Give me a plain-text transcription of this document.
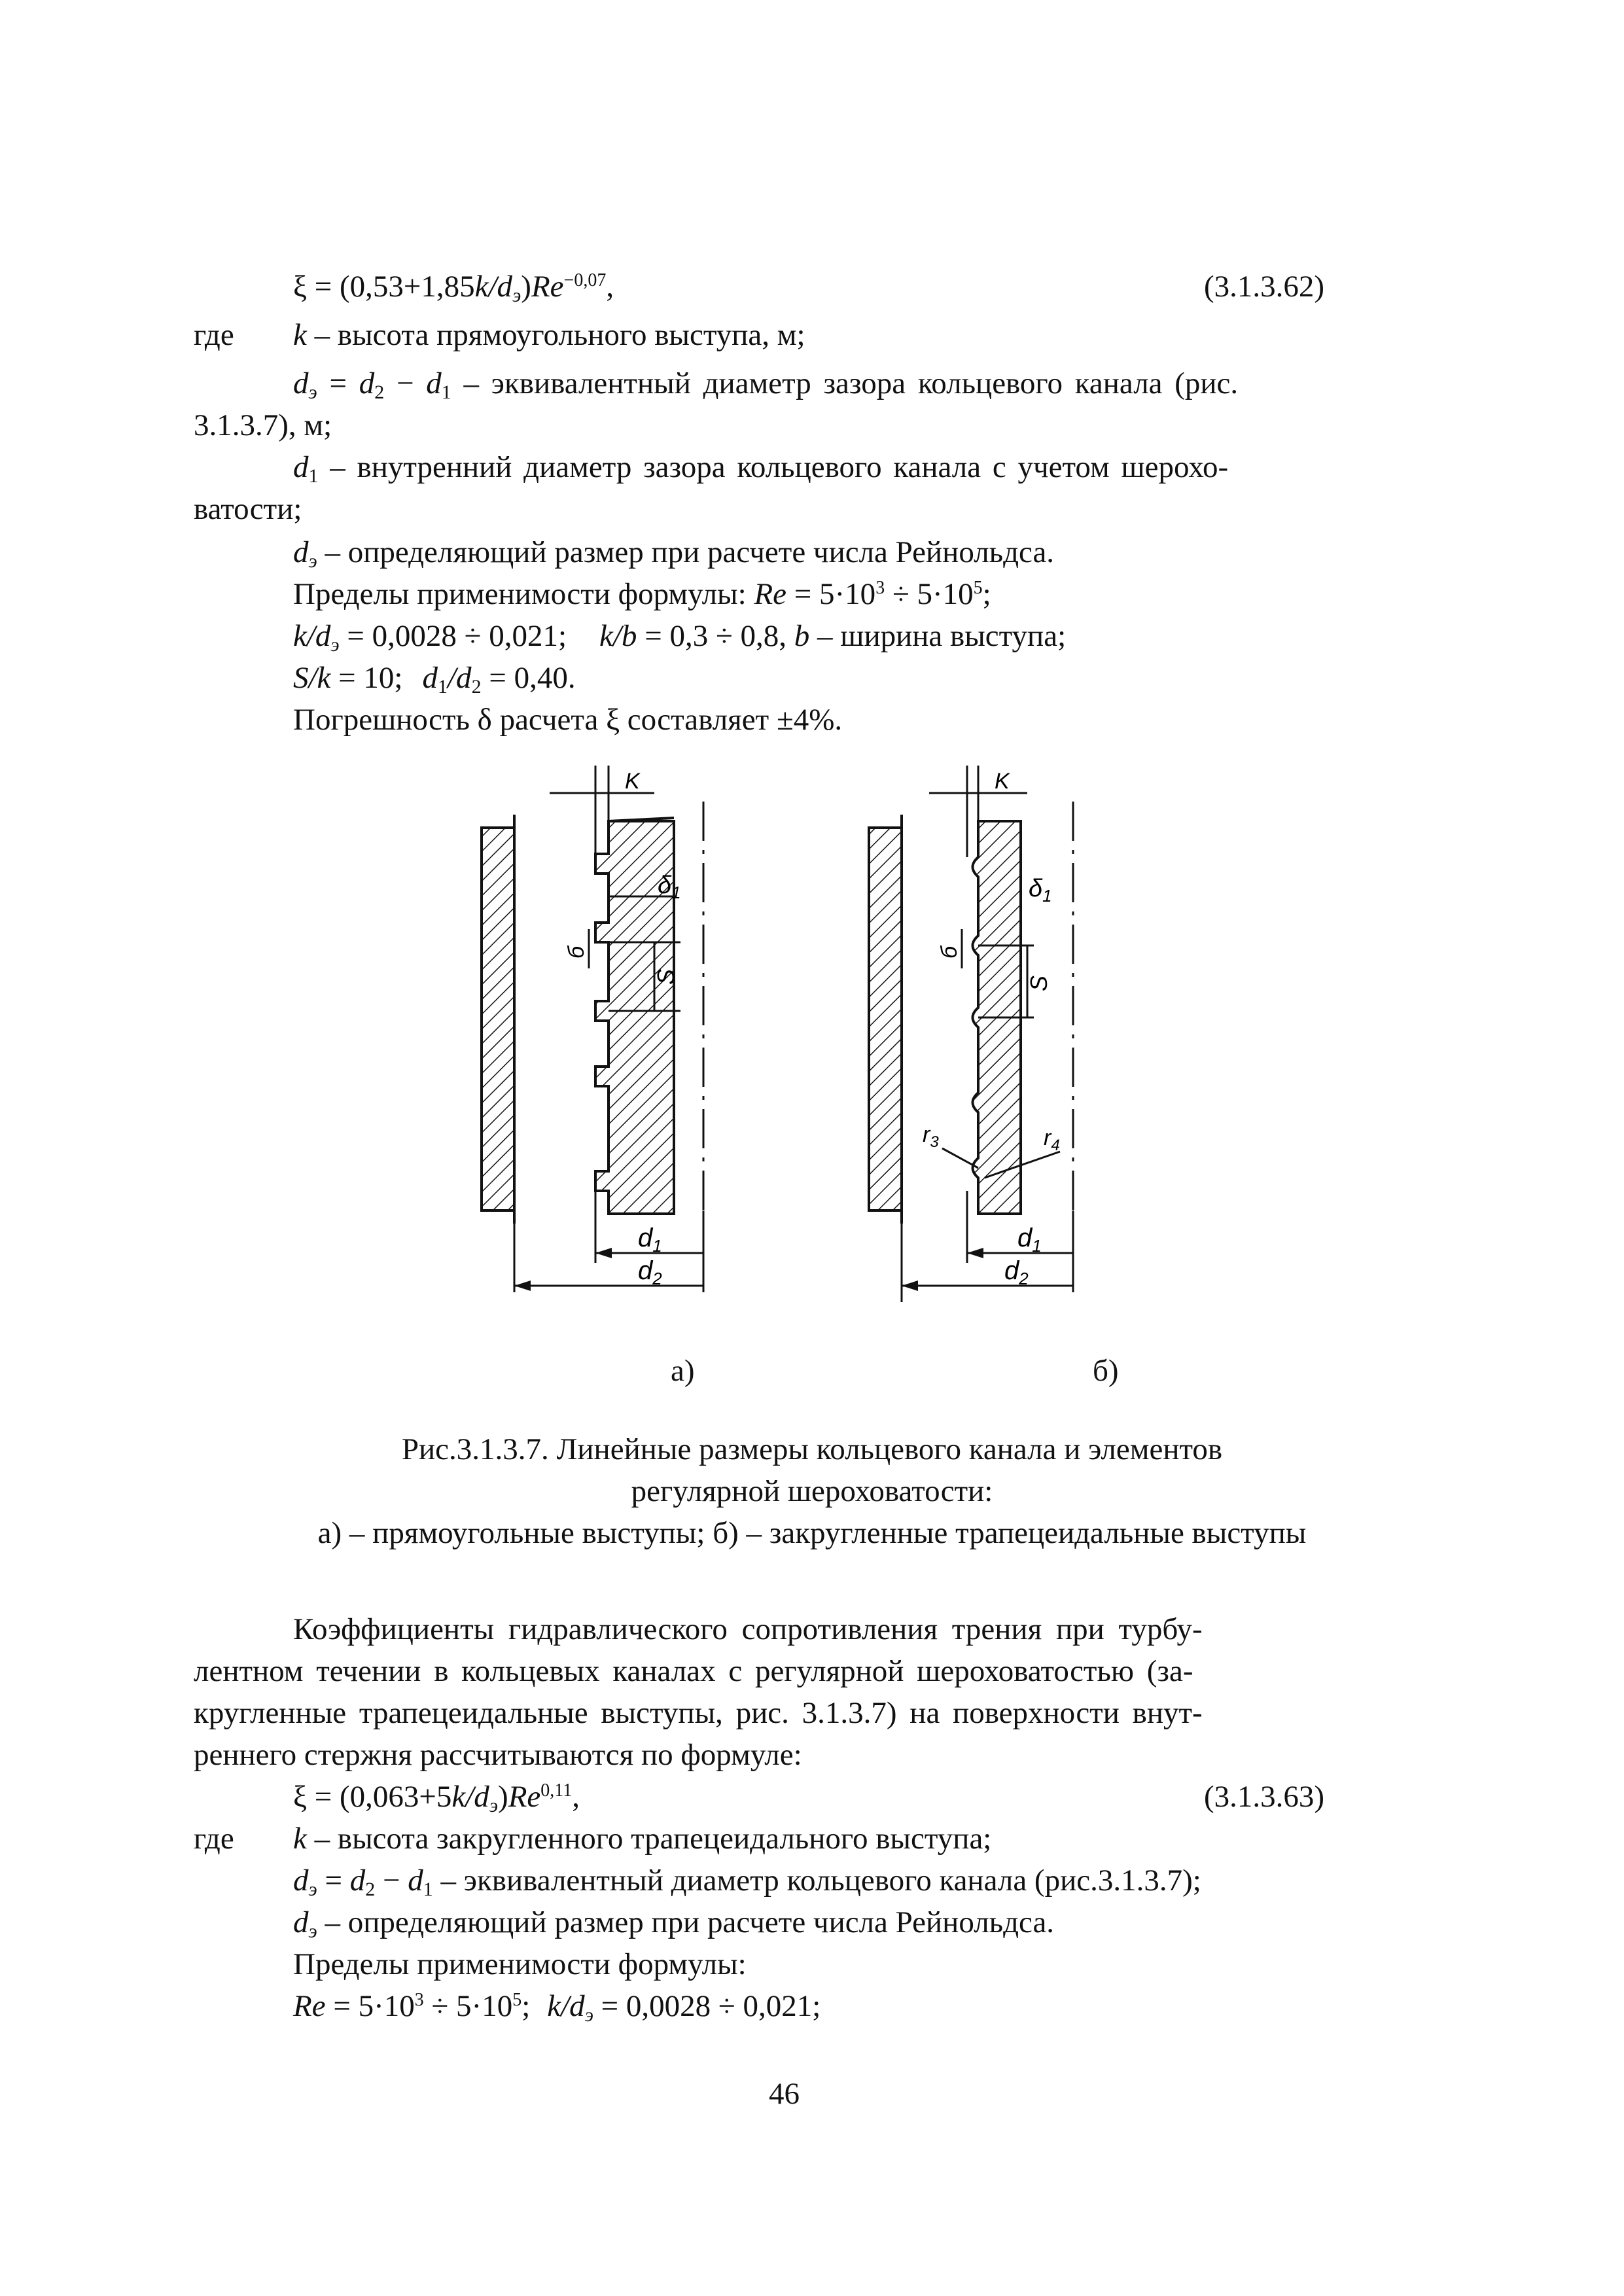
$\xi = (0,53+1,85k/d_э)Re^{-0,07}$,	(3.1.3.62)
где k – высота прямоугольного выступа, м;
$d_э = d_2 - d_1$ – эквивалентный диаметр зазора кольцевого канала (рис.
3.1.3.7), м;
$d_1$ – внутренний диаметр зазора кольцевого канала с учетом шерохо-
ватости;
$d_э$ – определяющий размер при расчете числа Рейнольдса.
Пределы применимости формулы: $Re = 5\cdot 10^3 \div 5\cdot 10^5$;
$k/d_э = 0,0028 \div 0,021$; k/b = 0,3 ÷ 0,8, b – ширина выступа;
S/k = 10; $d_1/d_2 = 0,40$.
Погрешность δ расчета ξ составляет ±4%.
K
$\delta_1$
б
S
$d_1$
$d_2$
K
$\delta_1$
б
S
$r_3$	$r_4$
$d_1$
$d_2$
а)	б)
Рис.3.1.3.7. Линейные размеры кольцевого канала и элементов
регулярной шероховатости:
а) – прямоугольные выступы; б) – закругленные трапецеидальные выступы
Коэффициенты гидравлического сопротивления трения при турбу-
лентном течении в кольцевых каналах с регулярной шероховатостью (за-
кругленные трапецеидальные выступы, рис. 3.1.3.7) на поверхности внут-
реннего стержня рассчитываются по формуле:
$\xi = (0,063+5k/d_э)Re^{0,11}$,	(3.1.3.63)
где k – высота закругленного трапецеидального выступа;
$d_э = d_2 - d_1$ – эквивалентный диаметр кольцевого канала (рис.3.1.3.7);
$d_э$ – определяющий размер при расчете числа Рейнольдса.
Пределы применимости формулы:
$Re = 5\cdot 10^3 \div 5\cdot 10^5$; $k/d_э = 0,0028 \div 0,021$;
46
